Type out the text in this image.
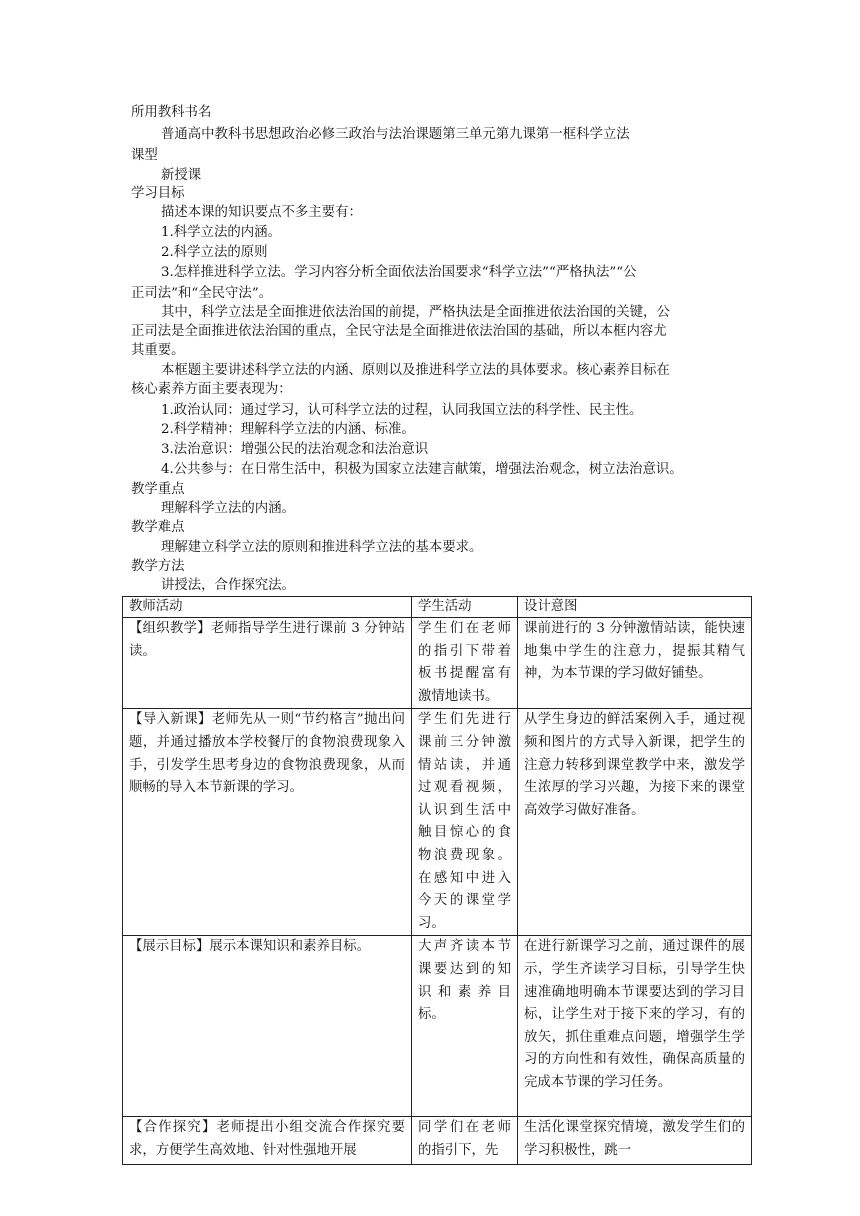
所用教科书名
普通高中教科书思想政治必修三政治与法治课题第三单元第九课第一框科学立法
课型
新授课
学习目标
描述本课的知识要点不多主要有：
1.科学立法的内涵。
2.科学立法的原则
3.怎样推进科学立法。学习内容分析全面依法治国要求“科学立法”“严格执法”“公
正司法”和“全民守法”。
其中，科学立法是全面推进依法治国的前提，严格执法是全面推进依法治国的关键，公
正司法是全面推进依法治国的重点，全民守法是全面推进依法治国的基础，所以本框内容尤
其重要。
本框题主要讲述科学立法的内涵、原则以及推进科学立法的具体要求。核心素养目标在
核心素养方面主要表现为：
1.政治认同：通过学习，认可科学立法的过程，认同我国立法的科学性、民主性。
2.科学精神：理解科学立法的内涵、标准。
3.法治意识：增强公民的法治观念和法治意识
4.公共参与：在日常生活中，积极为国家立法建言献策，增强法治观念，树立法治意识。
教学重点
理解科学立法的内涵。
教学难点
理解建立科学立法的原则和推进科学立法的基本要求。
教学方法
讲授法，合作探究法。
教师活动	学生活动	设计意图
【组织教学】老师指导学生进行课前 3 分钟站读。	学生们在老师的指引下带着板书提醒富有激情地读书。	课前进行的 3 分钟激情站读，能快速地集中学生的注意力，提振其精气神，为本节课的学习做好铺垫。
【导入新课】老师先从一则“节约格言”抛出问题，并通过播放本学校餐厅的食物浪费现象入手，引发学生思考身边的食物浪费现象，从而顺畅的导入本节新课的学习。	学生们先进行课前三分钟激情站读，并通过观看视频，认识到生活中触目惊心的食物浪费现象。在感知中进入今天的课堂学习。	从学生身边的鲜活案例入手，通过视频和图片的方式导入新课，把学生的注意力转移到课堂教学中来，激发学生浓厚的学习兴趣，为接下来的课堂高效学习做好准备。
【展示目标】展示本课知识和素养目标。	大声齐读本节课要达到的知识和素养目标。	在进行新课学习之前，通过课件的展示，学生齐读学习目标，引导学生快速准确地明确本节课要达到的学习目标，让学生对于接下来的学习，有的放矢，抓住重难点问题，增强学生学习的方向性和有效性，确保高质量的完成本节课的学习任务。
【合作探究】老师提出小组交流合作探究要求，方便学生高效地、针对性强地开展	同学们在老师的指引下，先	生活化课堂探究情境，激发学生们的学习积极性，跳一
